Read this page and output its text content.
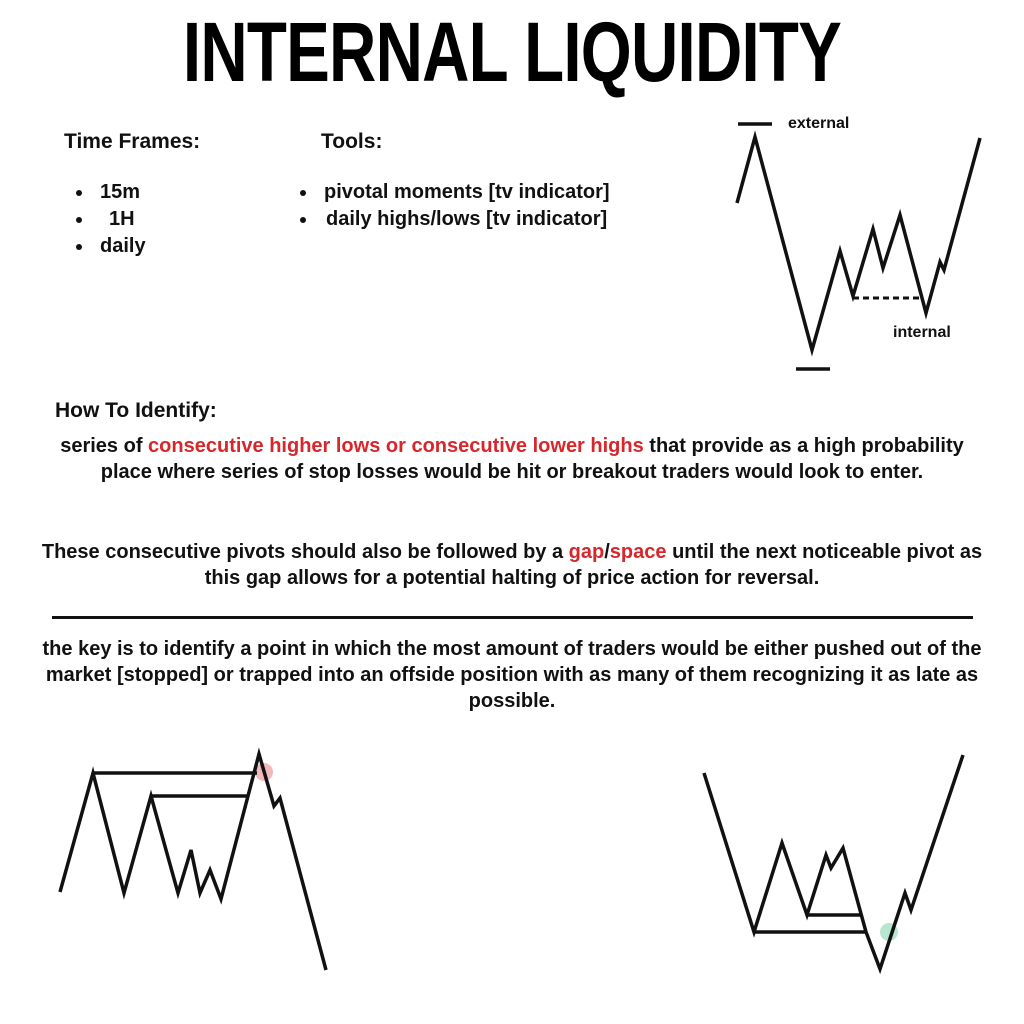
INTERNAL LIQUIDITY
Time Frames:
15m
1H
daily
Tools:
pivotal moments [tv indicator]
daily highs/lows [tv indicator]
external
internal
How To Identify:
series of consecutive higher lows or consecutive lower highs that provide as a high probability place where series of stop losses would be hit or breakout traders would look to enter.
These consecutive pivots should also be followed by a gap/space until the next noticeable pivot as this gap allows for a potential halting of price action for reversal.
the key is to identify a point in which the most amount of traders would be either pushed out of the market [stopped] or trapped into an offside position with as many of them recognizing it as late as possible.
